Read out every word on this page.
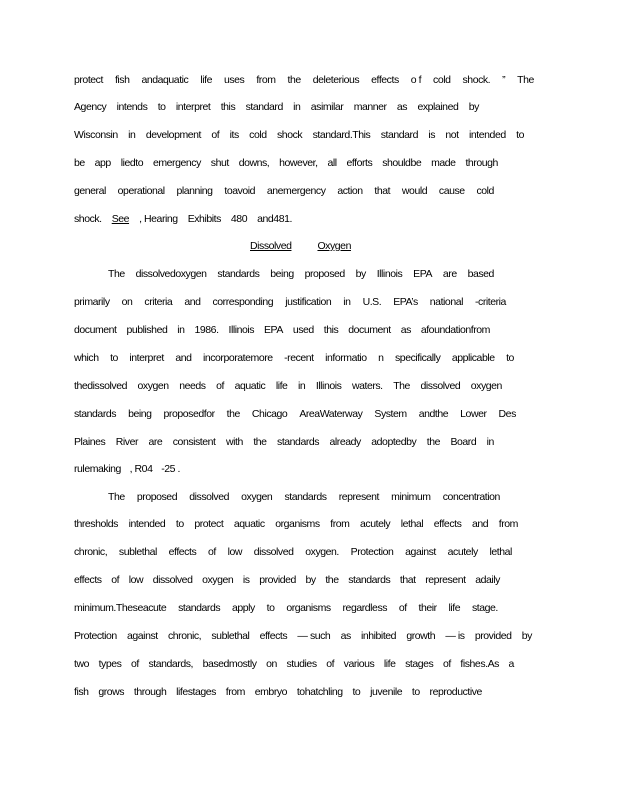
protect fish andaquatic life uses from the deleterious effects o f cold shock. ” The
Agency intends to interpret this standard in asimilar manner as explained by
Wisconsin in development of its cold shock standard.This standard is not intended to
be app liedto emergency shut downs, however, all efforts shouldbe made through
general operational planning toavoid anemergency action that would cause cold
shock. See , Hearing Exhibits 480 and481.
Dissolved Oxygen
The dissolvedoxygen standards being proposed by Illinois EPA are based
primarily on criteria and corresponding justification in U.S. EPA’s national -criteria
document published in 1986. Illinois EPA used this document as afoundationfrom
which to interpret and incorporatemore -recent informatio n specifically applicable to
thedissolved oxygen needs of aquatic life in Illinois waters. The dissolved oxygen
standards being proposedfor the Chicago AreaWaterway System andthe Lower Des
Plaines River are consistent with the standards already adoptedby the Board in
rulemaking , R04 -25 .
The proposed dissolved oxygen standards represent minimum concentration
thresholds intended to protect aquatic organisms from acutely lethal effects and from
chronic, sublethal effects of low dissolved oxygen. Protection against acutely lethal
effects of low dissolved oxygen is provided by the standards that represent adaily
minimum.Theseacute standards apply to organisms regardless of their life stage.
Protection against chronic, sublethal effects — such as inhibited growth — is provided by
two types of standards, basedmostly on studies of various life stages of fishes.As a
fish grows through lifestages from embryo tohatchling to juvenile to reproductive
